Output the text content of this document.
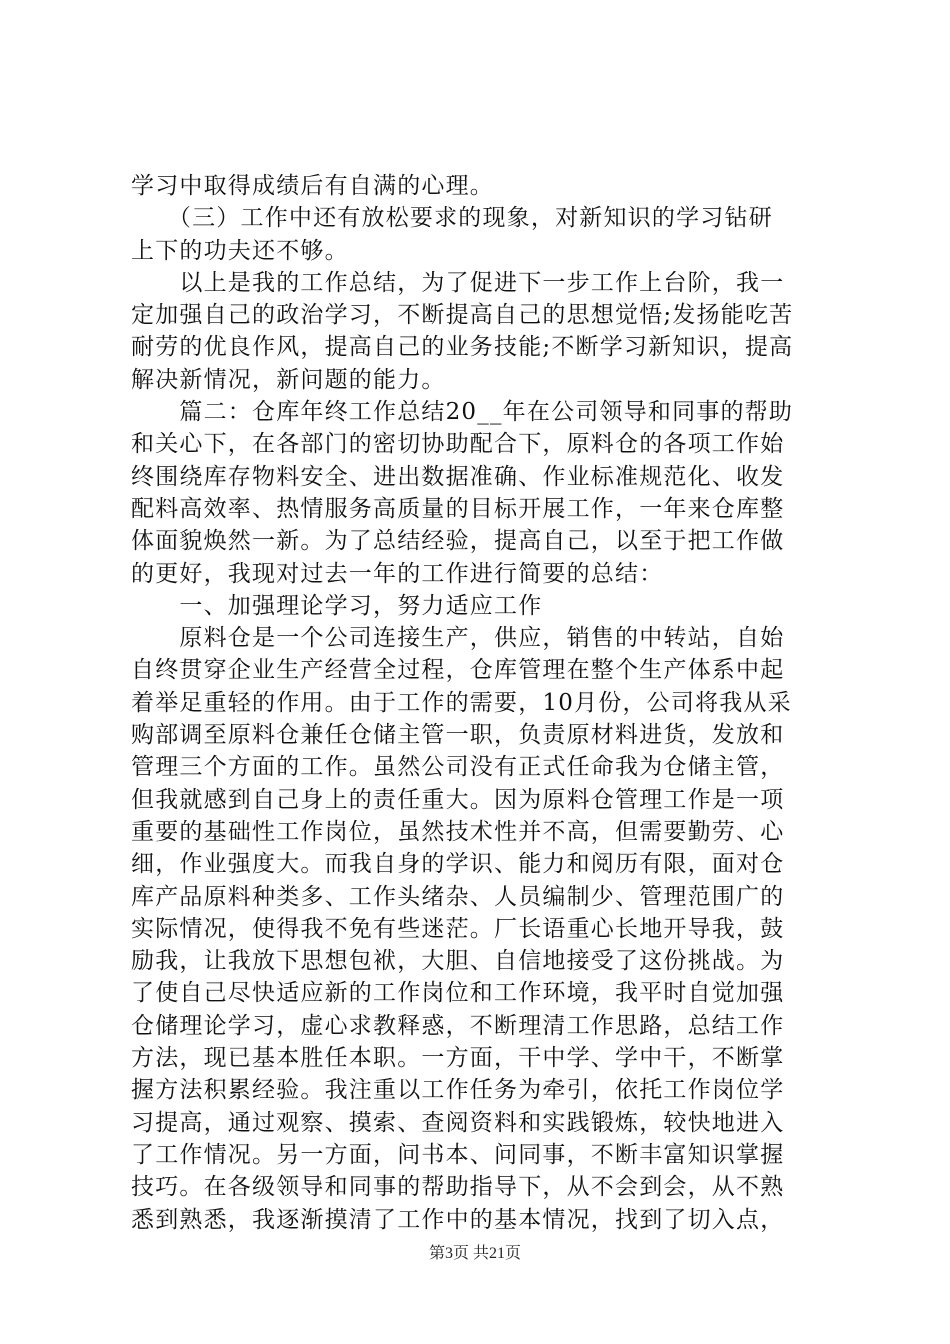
学习中取得成绩后有自满的心理。
　　（三）工作中还有放松要求的现象，对新知识的学习钻研
上下的功夫还不够。
　　以上是我的工作总结，为了促进下一步工作上台阶，我一
定加强自己的政治学习，不断提高自己的思想觉悟;发扬能吃苦
耐劳的优良作风，提高自己的业务技能;不断学习新知识，提高
解决新情况，新问题的能力。
　　篇二：仓库年终工作总结20__年在公司领导和同事的帮助
和关心下，在各部门的密切协助配合下，原料仓的各项工作始
终围绕库存物料安全、进出数据准确、作业标准规范化、收发
配料高效率、热情服务高质量的目标开展工作，一年来仓库整
体面貌焕然一新。为了总结经验，提高自己，以至于把工作做
的更好，我现对过去一年的工作进行简要的总结：
　　一、加强理论学习，努力适应工作
　　原料仓是一个公司连接生产，供应，销售的中转站，自始
自终贯穿企业生产经营全过程，仓库管理在整个生产体系中起
着举足重轻的作用。由于工作的需要，10月份，公司将我从采
购部调至原料仓兼任仓储主管一职，负责原材料进货，发放和
管理三个方面的工作。虽然公司没有正式任命我为仓储主管，
但我就感到自己身上的责任重大。因为原料仓管理工作是一项
重要的基础性工作岗位，虽然技术性并不高，但需要勤劳、心
细，作业强度大。而我自身的学识、能力和阅历有限，面对仓
库产品原料种类多、工作头绪杂、人员编制少、管理范围广的
实际情况，使得我不免有些迷茫。厂长语重心长地开导我，鼓
励我，让我放下思想包袱，大胆、自信地接受了这份挑战。为
了使自己尽快适应新的工作岗位和工作环境，我平时自觉加强
仓储理论学习，虚心求教释惑，不断理清工作思路，总结工作
方法，现已基本胜任本职。一方面，干中学、学中干，不断掌
握方法积累经验。我注重以工作任务为牵引，依托工作岗位学
习提高，通过观察、摸索、查阅资料和实践锻炼，较快地进入
了工作情况。另一方面，问书本、问同事，不断丰富知识掌握
技巧。在各级领导和同事的帮助指导下，从不会到会，从不熟
悉到熟悉，我逐渐摸清了工作中的基本情况，找到了切入点，
第3页 共21页
